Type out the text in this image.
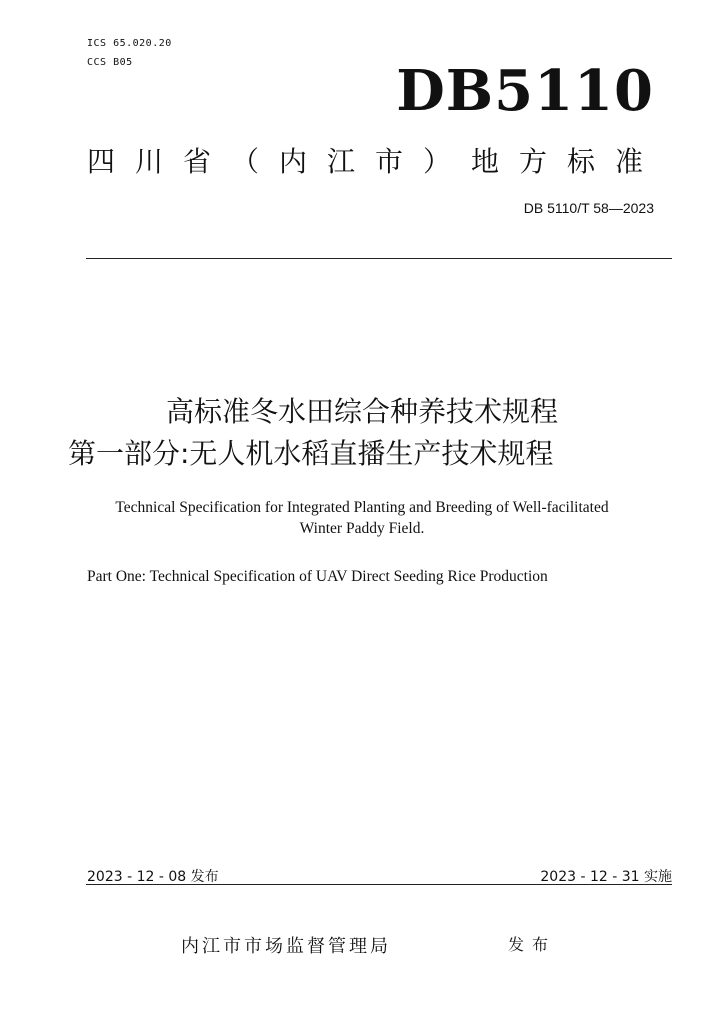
ICS 65.020.20
CCS B05	DB5110
四川省（内江市）地方标准
DB 5110/T 58—2023
高标准冬水田综合种养技术规程
第一部分:无人机水稻直播生产技术规程
Technical Specification for Integrated Planting and Breeding of Well-facilitated
Winter Paddy Field.
Part One: Technical Specification of UAV Direct Seeding Rice Production
2023 - 12 - 08 发布	2023 - 12 - 31 实施
内江市市场监督管理局	发布
